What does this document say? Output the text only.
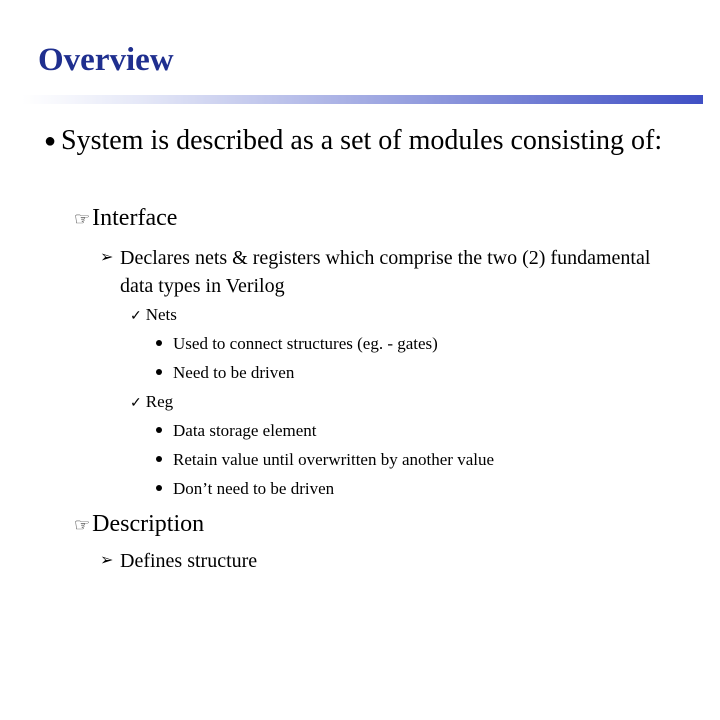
Overview
● System is described as a set of modules consisting of:
☞Interface
➢ Declares nets & registers which comprise the two (2) fundamental data types in Verilog
✓ Nets
Used to connect structures (eg. - gates)
Need to be driven
✓ Reg
Data storage element
Retain value until overwritten by another value
Don’t need to be driven
☞Description
➢ Defines structure
